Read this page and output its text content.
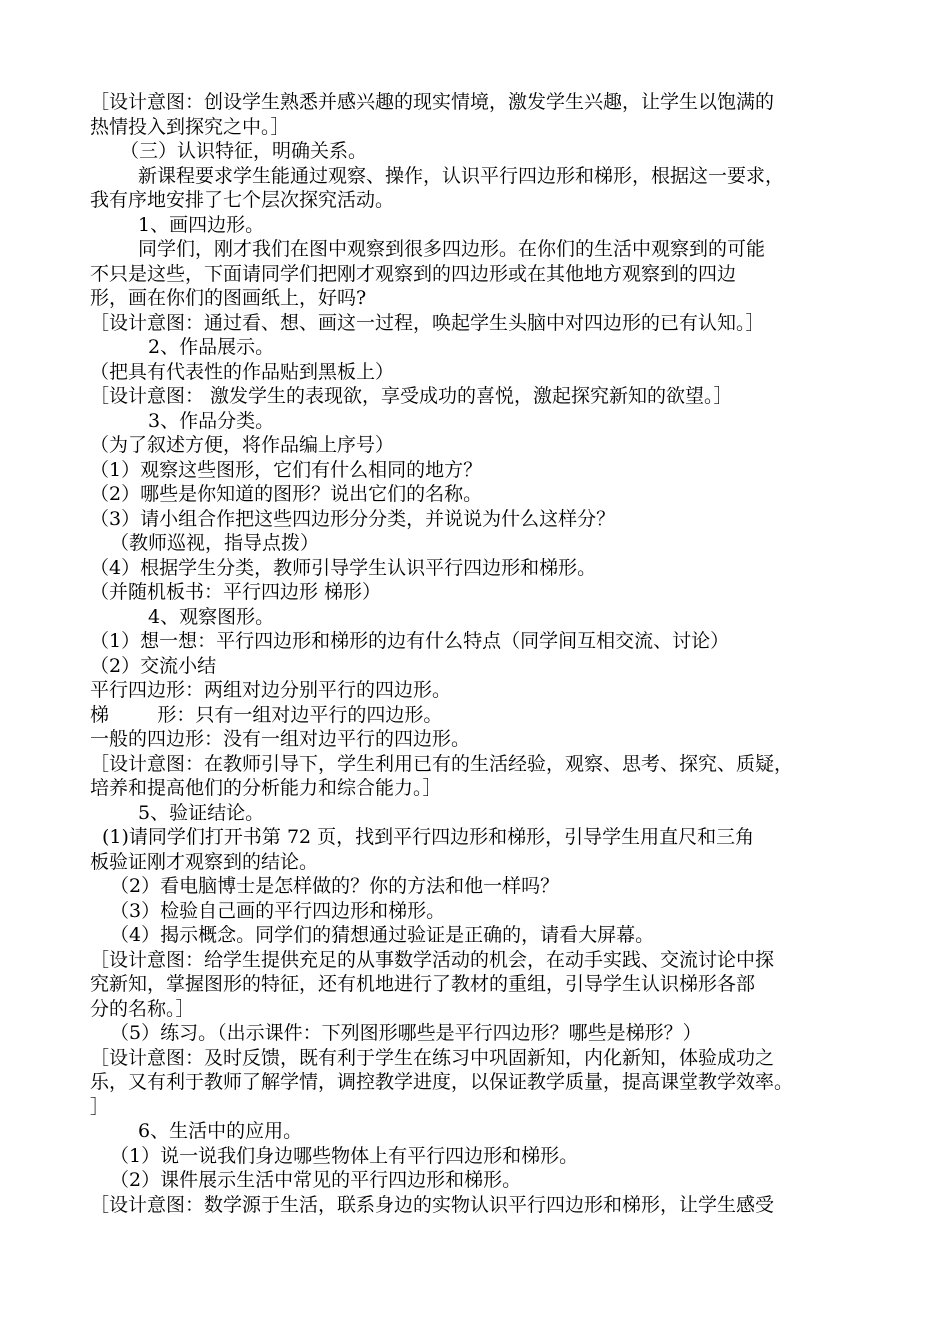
［设计意图：创设学生熟悉并感兴趣的现实情境，激发学生兴趣，让学生以饱满的
热情投入到探究之中。］
（三）认识特征，明确关系。
新课程要求学生能通过观察、操作，认识平行四边形和梯形，根据这一要求，
我有序地安排了七个层次探究活动。
1、画四边形。
同学们，刚才我们在图中观察到很多四边形。在你们的生活中观察到的可能
不只是这些，下面请同学们把刚才观察到的四边形或在其他地方观察到的四边
形，画在你们的图画纸上，好吗?
［设计意图：通过看、想、画这一过程，唤起学生头脑中对四边形的已有认知。］
2、作品展示。
（把具有代表性的作品贴到黑板上）
［设计意图： 激发学生的表现欲，享受成功的喜悦，激起探究新知的欲望。］
3、作品分类。
（为了叙述方便，将作品编上序号）
（1）观察这些图形，它们有什么相同的地方？
（2）哪些是你知道的图形？说出它们的名称。
（3）请小组合作把这些四边形分分类，并说说为什么这样分？
（教师巡视，指导点拨）
（4）根据学生分类，教师引导学生认识平行四边形和梯形。
（并随机板书：平行四边形 梯形）
4、观察图形。
（1）想一想：平行四边形和梯形的边有什么特点（同学间互相交流、讨论）
（2）交流小结
平行四边形：两组对边分别平行的四边形。
梯        形：只有一组对边平行的四边形。
一般的四边形：没有一组对边平行的四边形。
［设计意图：在教师引导下，学生利用已有的生活经验，观察、思考、探究、质疑，
培养和提高他们的分析能力和综合能力。］
5、验证结论。
(1)请同学们打开书第 72 页，找到平行四边形和梯形，引导学生用直尺和三角
板验证刚才观察到的结论。
（2）看电脑博士是怎样做的？你的方法和他一样吗？
（3）检验自己画的平行四边形和梯形。
（4）揭示概念。同学们的猜想通过验证是正确的，请看大屏幕。
［设计意图：给学生提供充足的从事数学活动的机会，在动手实践、交流讨论中探
究新知，掌握图形的特征，还有机地进行了教材的重组，引导学生认识梯形各部
分的名称。］
（5）练习。（出示课件：下列图形哪些是平行四边形？哪些是梯形？）
［设计意图：及时反馈，既有利于学生在练习中巩固新知，内化新知，体验成功之
乐，又有利于教师了解学情，调控教学进度，以保证教学质量，提高课堂教学效率。
］
6、生活中的应用。
（1）说一说我们身边哪些物体上有平行四边形和梯形。
（2）课件展示生活中常见的平行四边形和梯形。
［设计意图：数学源于生活，联系身边的实物认识平行四边形和梯形，让学生感受
